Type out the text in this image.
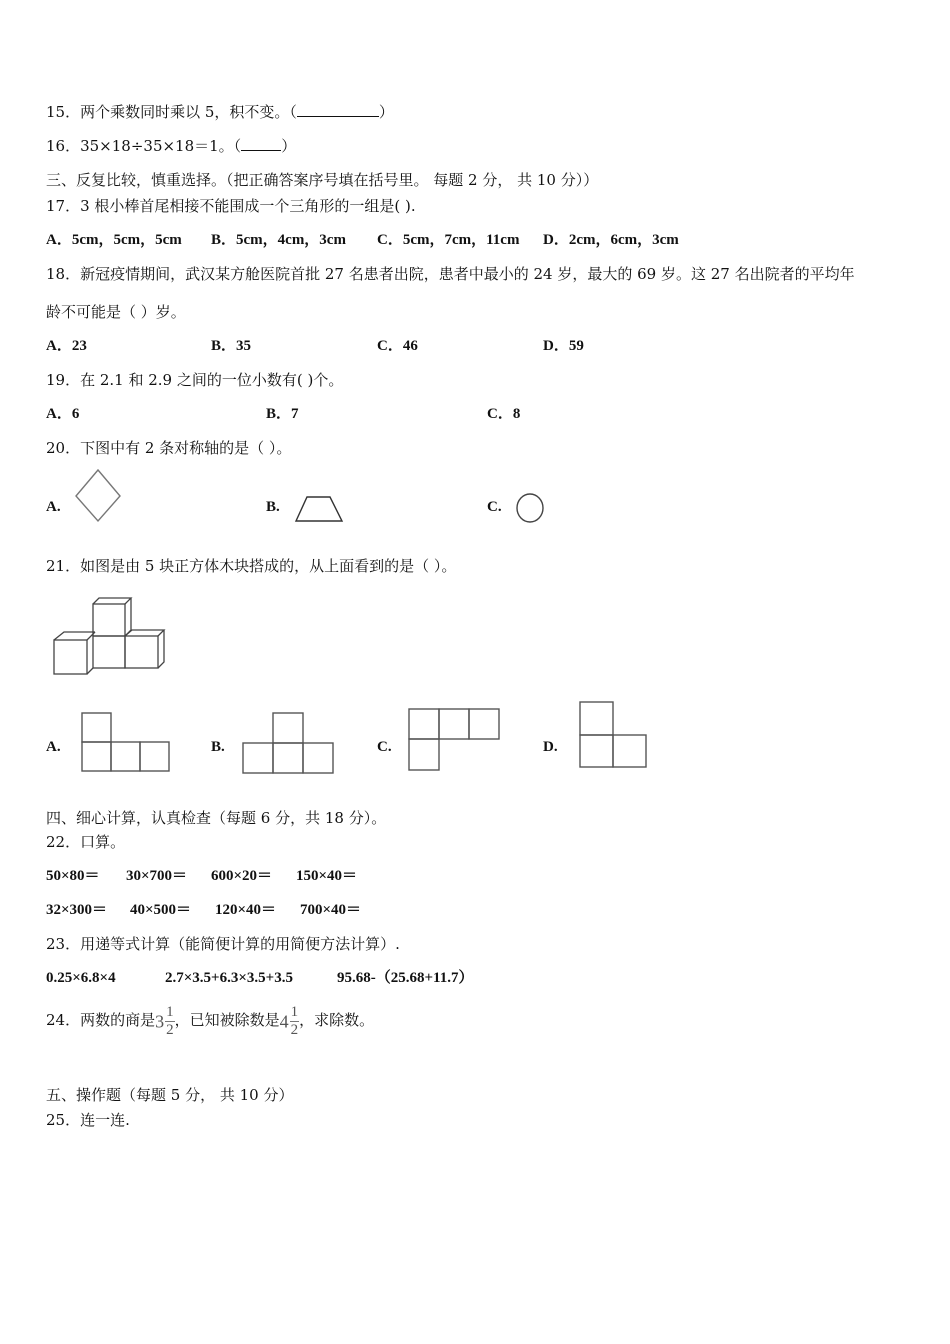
15．两个乘数同时乘以 5，积不变。（	）
16．35×18÷35×18＝1。（	）
三、反复比较，慎重选择。（把正确答案序号填在括号里。 每题 2 分， 共 10 分））
17．3 根小棒首尾相接不能围成一个三角形的一组是( ).
A．5cm，5cm，5cm B．5cm，4cm，3cm C．5cm，7cm，11cm D．2cm，6cm，3cm
18．新冠疫情期间，武汉某方舱医院首批 27 名患者出院，患者中最小的 24 岁，最大的 69 岁。这 27 名出院者的平均年
龄不可能是（ ）岁。
A．23	B．35	C．46	D．59
19．在 2.1 和 2.9 之间的一位小数有( )个。
A．6	B．7	C．8
20．下图中有 2 条对称轴的是（ ）。
A.	B.	C.
21．如图是由 5 块正方体木块搭成的，从上面看到的是（ ）。
A.	B.	C.	D.
四、细心计算，认真检查（每题 6 分，共 18 分）。
22．口算。
50×80＝ 30×700＝ 600×20＝ 150×40＝
32×300＝ 40×500＝ 120×40＝ 700×40＝
23．用递等式计算（能简便计算的用简便方法计算）.
0.25×6.8×4	2.7×3.5+6.3×3.5+3.5	95.68-（25.68+11.7）
24．两数的商是$3 \frac{1}{2}$ ，已知被除数是$4 \frac{1}{2}$ ，求除数。
五、操作题（每题 5 分， 共 10 分）
25．连一连.
